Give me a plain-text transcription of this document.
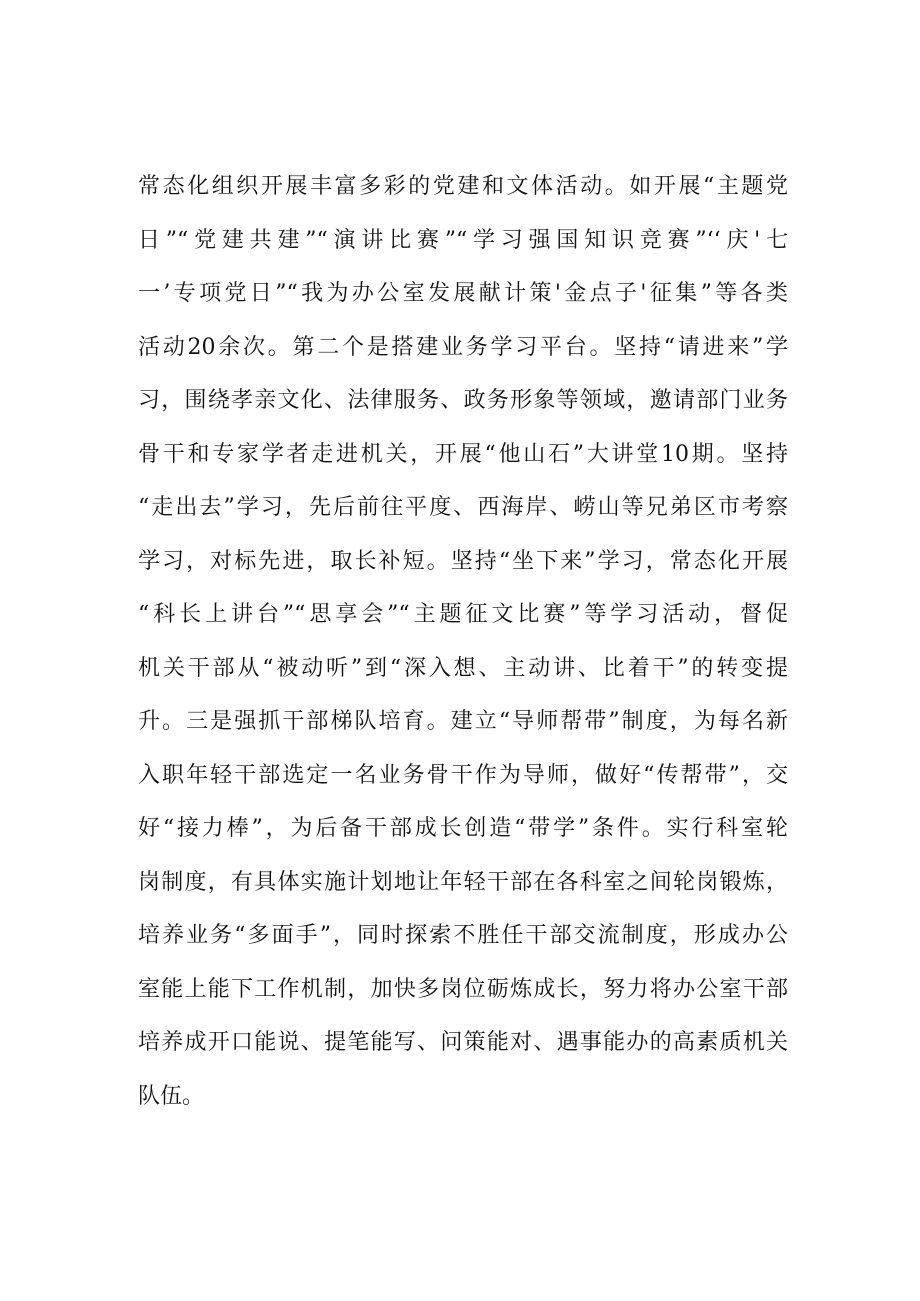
常态化组织开展丰富多彩的党建和文体活动。如开展“主题党
日”“党建共建”“演讲比赛”“学习强国知识竞赛”‘‘庆'七
一’专项党日”“我为办公室发展献计策'金点子'征集”等各类
活动20余次。第二个是搭建业务学习平台。坚持“请进来”学
习，围绕孝亲文化、法律服务、政务形象等领域，邀请部门业务
骨干和专家学者走进机关，开展“他山石”大讲堂10期。坚持
“走出去”学习，先后前往平度、西海岸、崂山等兄弟区市考察
学习，对标先进，取长补短。坚持“坐下来”学习，常态化开展
“科长上讲台”“思享会”“主题征文比赛”等学习活动，督促
机关干部从“被动听”到“深入想、主动讲、比着干”的转变提
升。三是强抓干部梯队培育。建立“导师帮带”制度，为每名新
入职年轻干部选定一名业务骨干作为导师，做好“传帮带”，交
好“接力棒”，为后备干部成长创造“带学”条件。实行科室轮
岗制度，有具体实施计划地让年轻干部在各科室之间轮岗锻炼，
培养业务“多面手”，同时探索不胜任干部交流制度，形成办公
室能上能下工作机制，加快多岗位砺炼成长，努力将办公室干部
培养成开口能说、提笔能写、问策能对、遇事能办的高素质机关
队伍。
